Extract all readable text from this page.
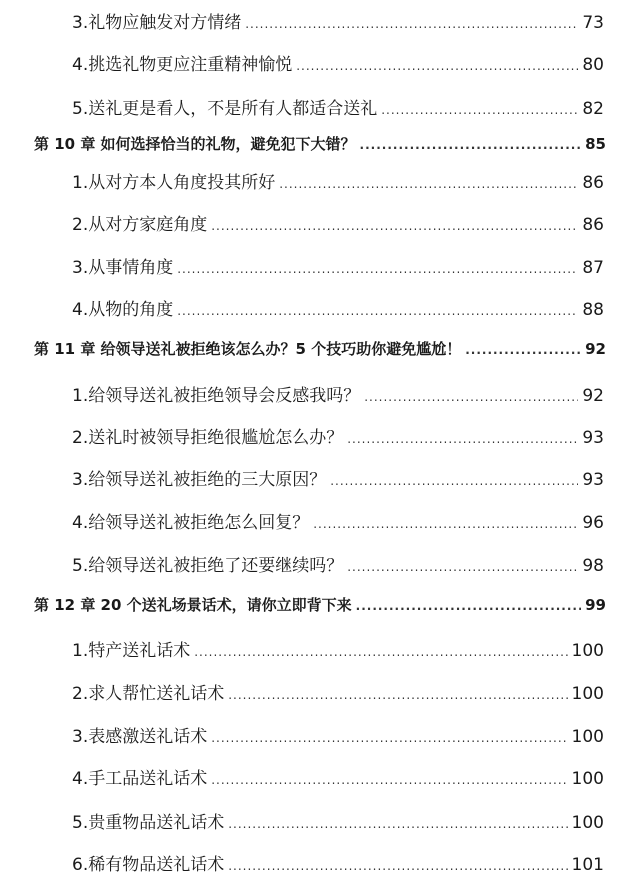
3.礼物应触发对方情绪 .....	73
4.挑选礼物更应注重精神愉悦 .....	80
5.送礼更是看人，不是所有人都适合送礼 .....	82
第 10 章 如何选择恰当的礼物，避免犯下大错？ .....	85
1.从对方本人角度投其所好 .....	86
2.从对方家庭角度 .....	86
3.从事情角度 .....	87
4.从物的角度 .....	88
第 11 章 给领导送礼被拒绝该怎么办？5 个技巧助你避免尴尬！ .....	92
1.给领导送礼被拒绝领导会反感我吗？ .....	92
2.送礼时被领导拒绝很尴尬怎么办？ .....	93
3.给领导送礼被拒绝的三大原因？ .....	93
4.给领导送礼被拒绝怎么回复？ .....	96
5.给领导送礼被拒绝了还要继续吗？ .....	98
第 12 章 20 个送礼场景话术，请你立即背下来 .....	99
1.特产送礼话术 .....	100
2.求人帮忙送礼话术 .....	100
3.表感激送礼话术 .....	100
4.手工品送礼话术 .....	100
5.贵重物品送礼话术 .....	100
6.稀有物品送礼话术 .....	101
